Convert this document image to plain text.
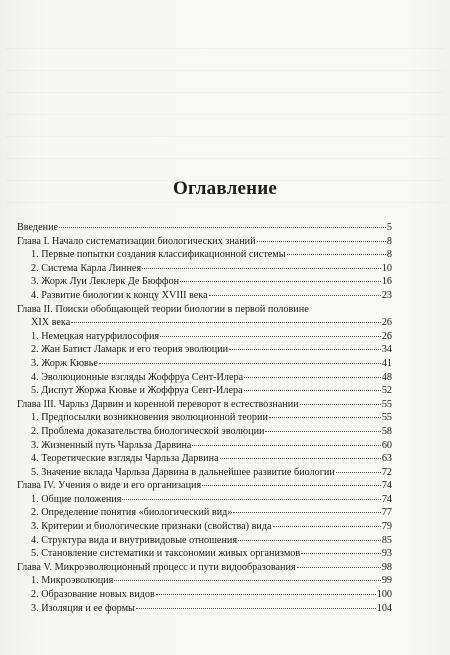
Оглавление
Введение	5
Глава I. Начало систематизации биологических знаний	8
1. Первые попытки создания классификационной системы	8
2. Система Карла Линнея	10
3. Жорж Луи Леклерк Де Бюффон	16
4. Развитие биологии к концу XVIII века	23
Глава II. Поиски обобщающей теории биологии в первой половине
XIX века	26
1. Немецкая натурфилософия	26
2. Жан Батист Ламарк и его теория эволюции	34
3. Жорж Кювье	41
4. Эволюционные взгляды Жоффруа Сент-Илера	48
5. Диспут Жоржа Кювье и Жоффруа Сент-Илера	52
Глава III. Чарльз Дарвин и коренной переворот в естествознании	55
1. Предпосылки возникновения эволюционной теории	55
2. Проблема доказательства биологической эволюции	58
3. Жизненный путь Чарльза Дарвина	60
4. Теоретические взгляды Чарльза Дарвина	63
5. Значение вклада Чарльза Дарвина в дальнейшее развитие биологии	72
Глава IV. Учения о виде и его организация	74
1. Общие положения	74
2. Определение понятия «биологический вид»	77
3. Критерии и биологические признаки (свойства) вида	79
4. Структура вида и внутривидовые отношения	85
5. Становление систематики и таксономии живых организмов	93
Глава V. Микроэволюционный процесс и пути видообразования	98
1. Микроэволюция	99
2. Образование новых видов	100
3. Изоляция и ее формы	104
